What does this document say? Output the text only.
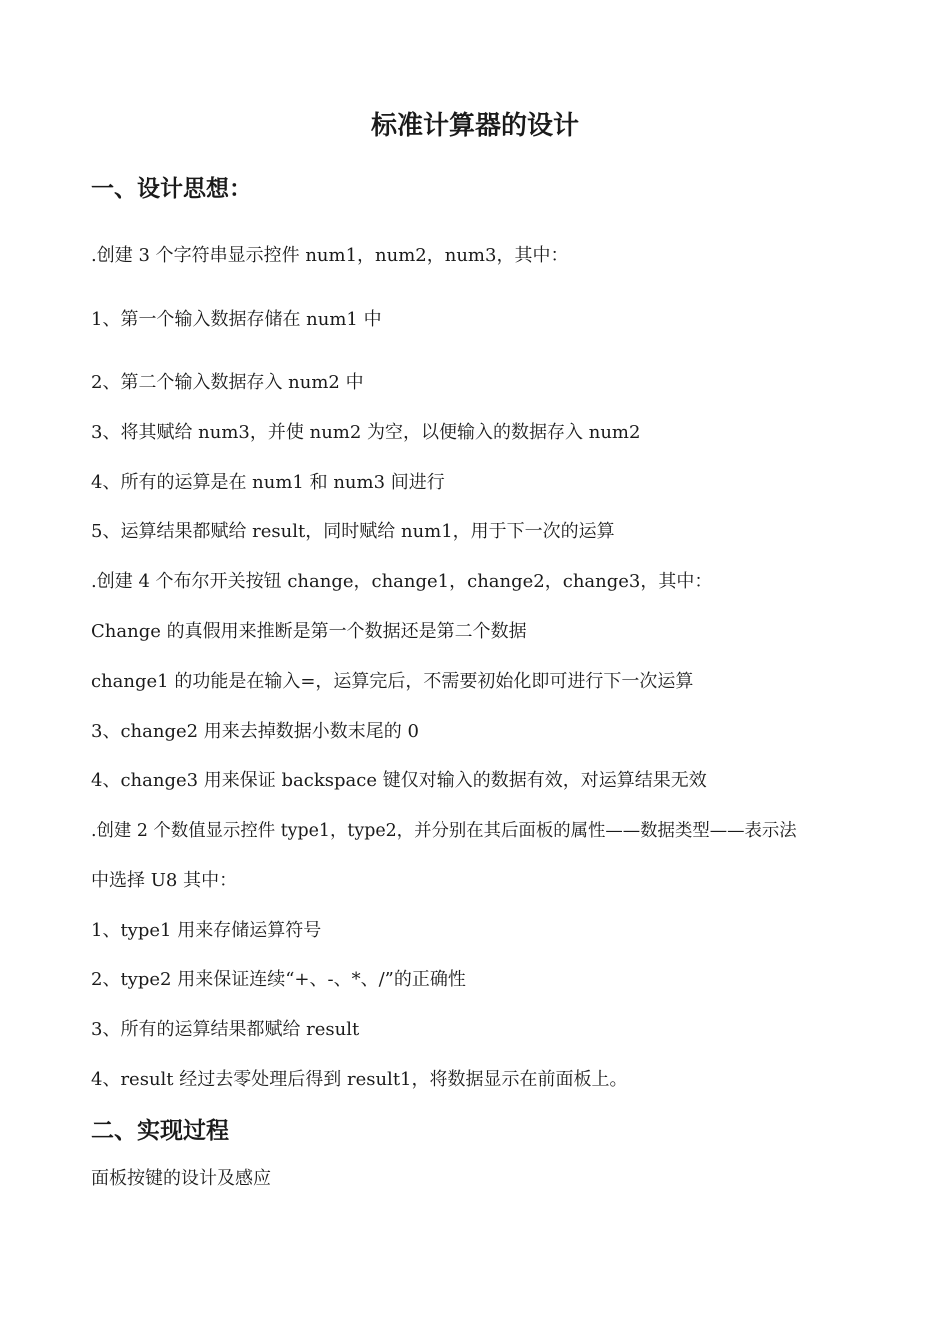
标准计算器的设计
一、设计思想：

.创建 3 个字符串显示控件 num1，num2，num3，其中：

1、第一个输入数据存储在 num1 中

2、第二个输入数据存入 num2 中

3、将其赋给 num3，并使 num2 为空，以便输入的数据存入 num2

4、所有的运算是在 num1 和 num3 间进行

5、运算结果都赋给 result，同时赋给 num1，用于下一次的运算

.创建 4 个布尔开关按钮 change，change1，change2，change3，其中：

Change 的真假用来推断是第一个数据还是第二个数据

change1 的功能是在输入=，运算完后，不需要初始化即可进行下一次运算

3、change2 用来去掉数据小数末尾的 0

4、change3 用来保证 backspace 键仅对输入的数据有效，对运算结果无效

.创建 2 个数值显示控件 type1，type2，并分别在其后面板的属性——数据类型——表示法

中选择 U8 其中：

1、type1 用来存储运算符号

2、type2 用来保证连续“+、-、*、/”的正确性

3、所有的运算结果都赋给 result

4、result 经过去零处理后得到 result1，将数据显示在前面板上。

二、实现过程

面板按键的设计及感应
